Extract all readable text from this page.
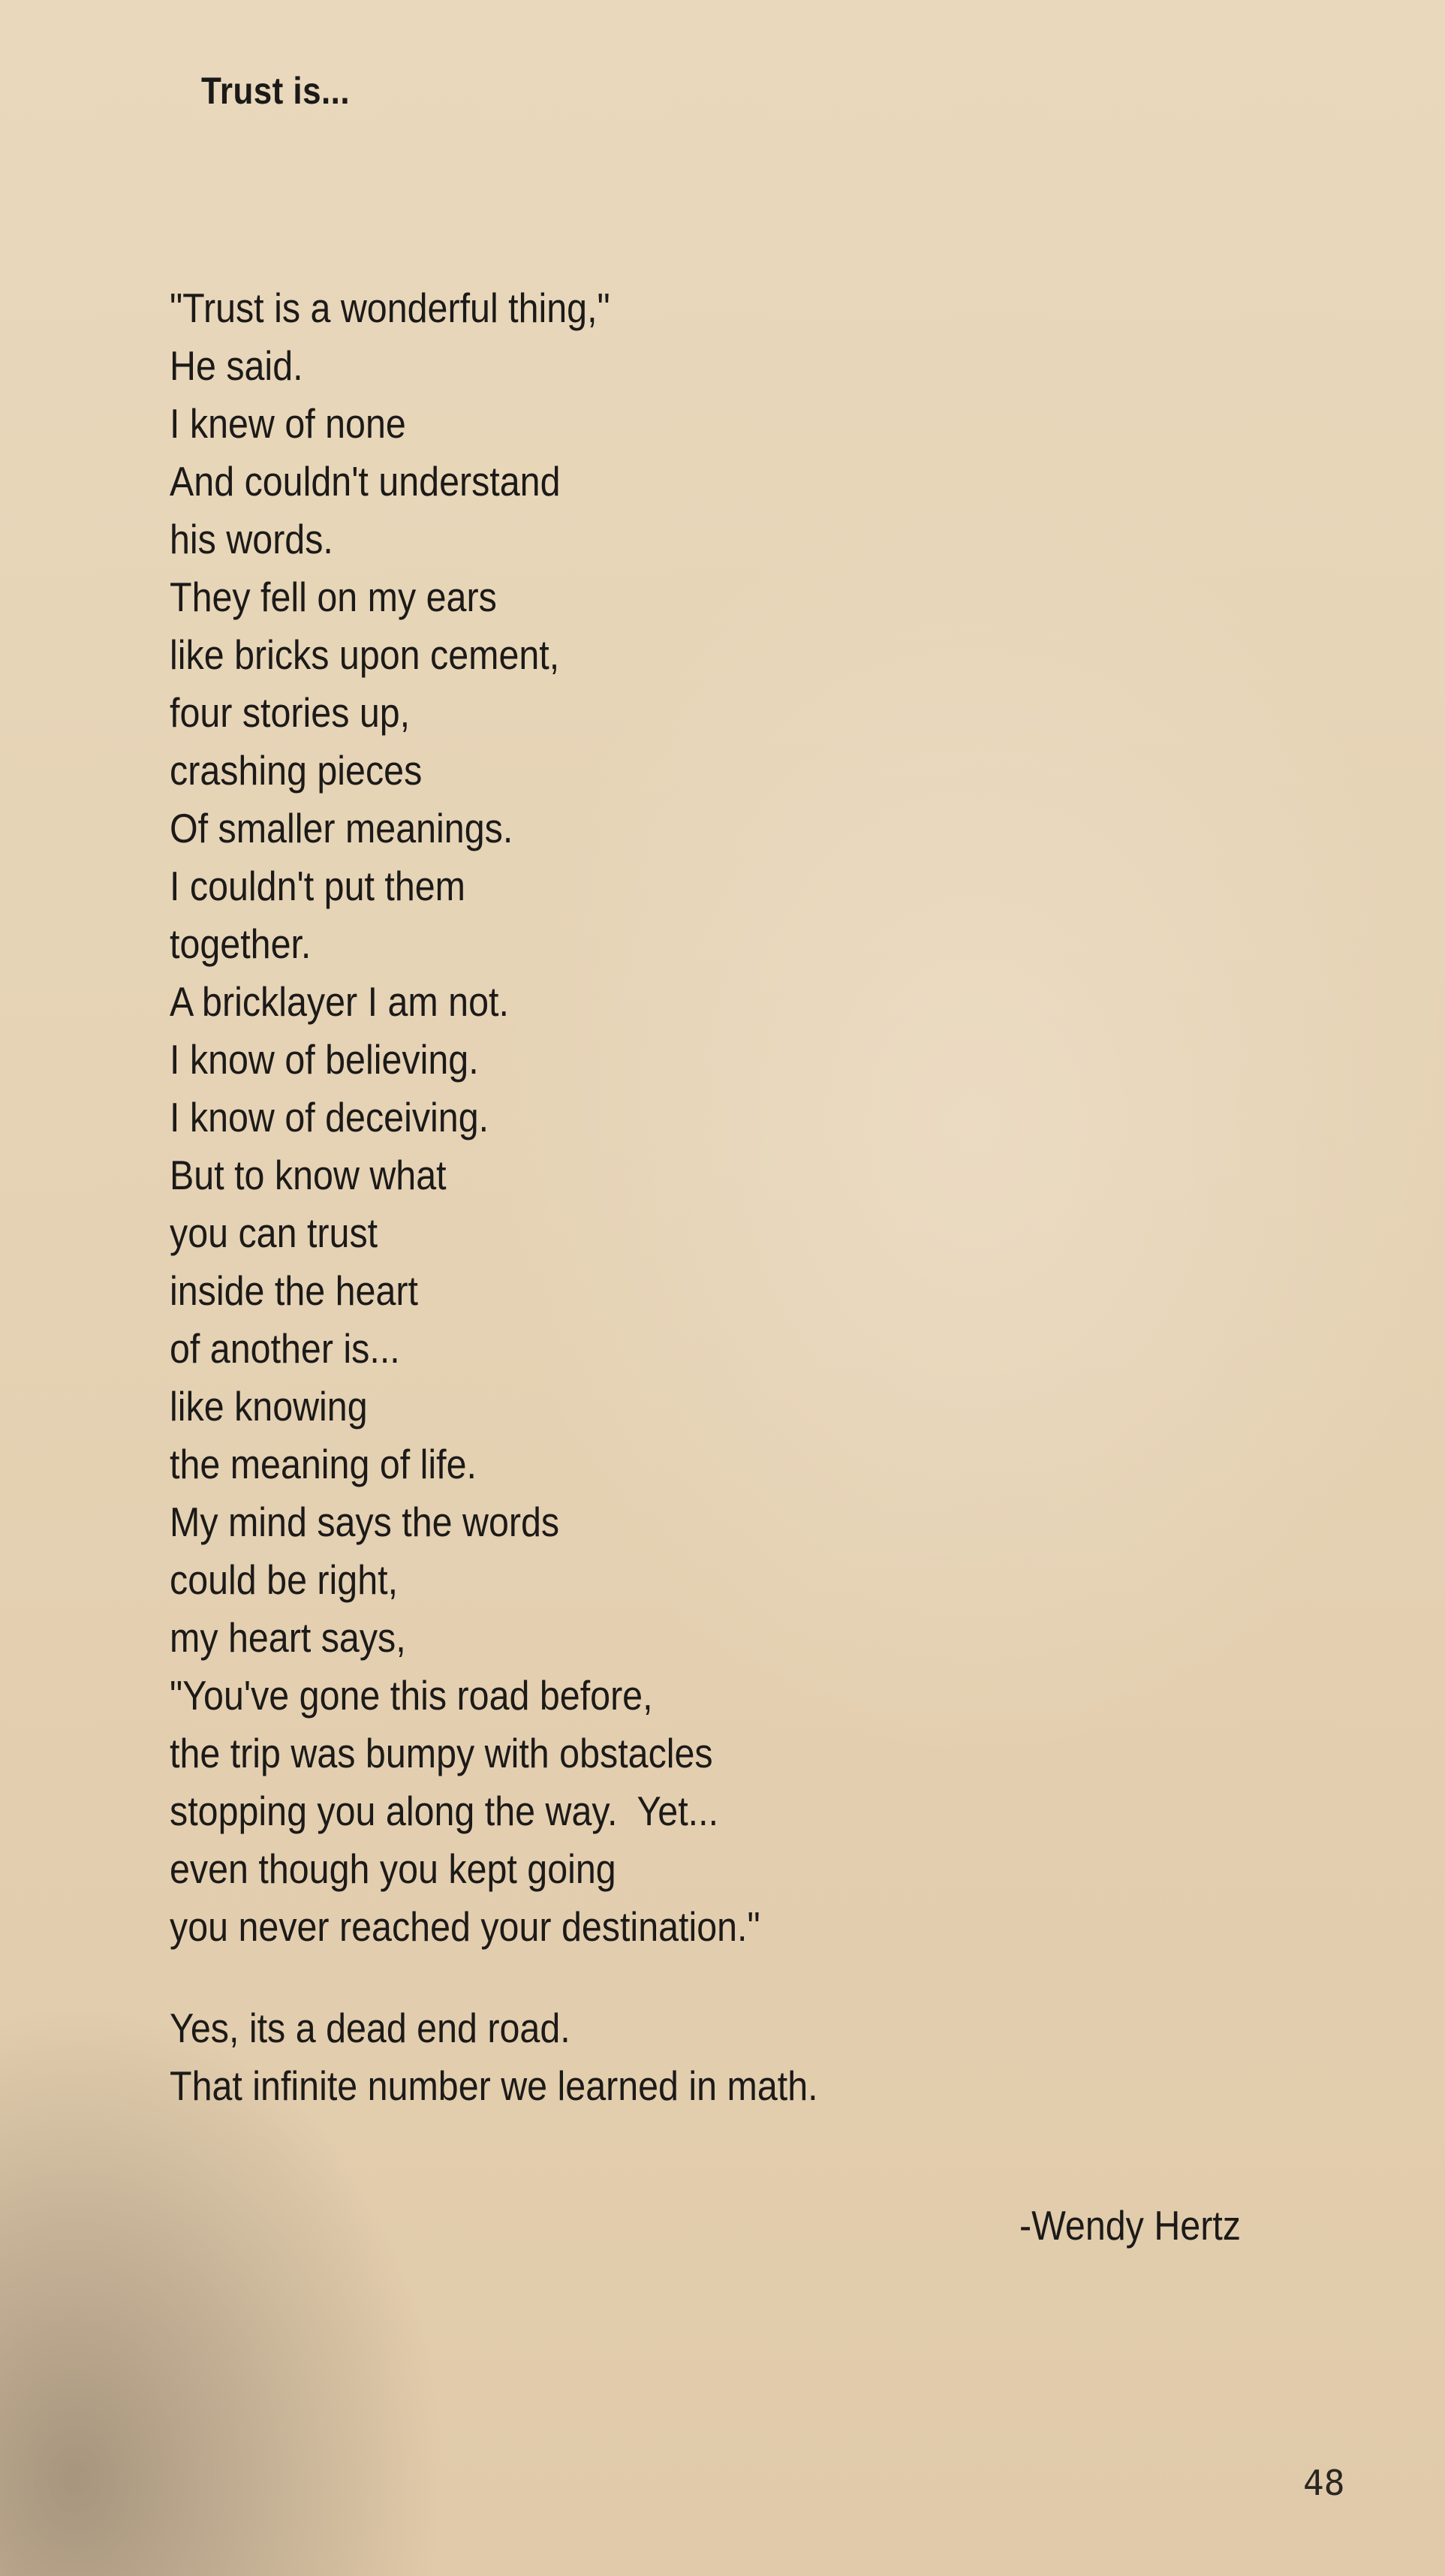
Trust is...
"Trust is a wonderful thing,"
He said.
I knew of none
And couldn't understand
his words.
They fell on my ears
like bricks upon cement,
four stories up,
crashing pieces
Of smaller meanings.
I couldn't put them
together.
A bricklayer I am not.
I know of believing.
I know of deceiving.
But to know what
you can trust
inside the heart
of another is...
like knowing
the meaning of life.
My mind says the words
could be right,
my heart says,
"You've gone this road before,
the trip was bumpy with obstacles
stopping you along the way.  Yet...
even though you kept going
you never reached your destination."
Yes, its a dead end road.
That infinite number we learned in math.
-Wendy Hertz
48
